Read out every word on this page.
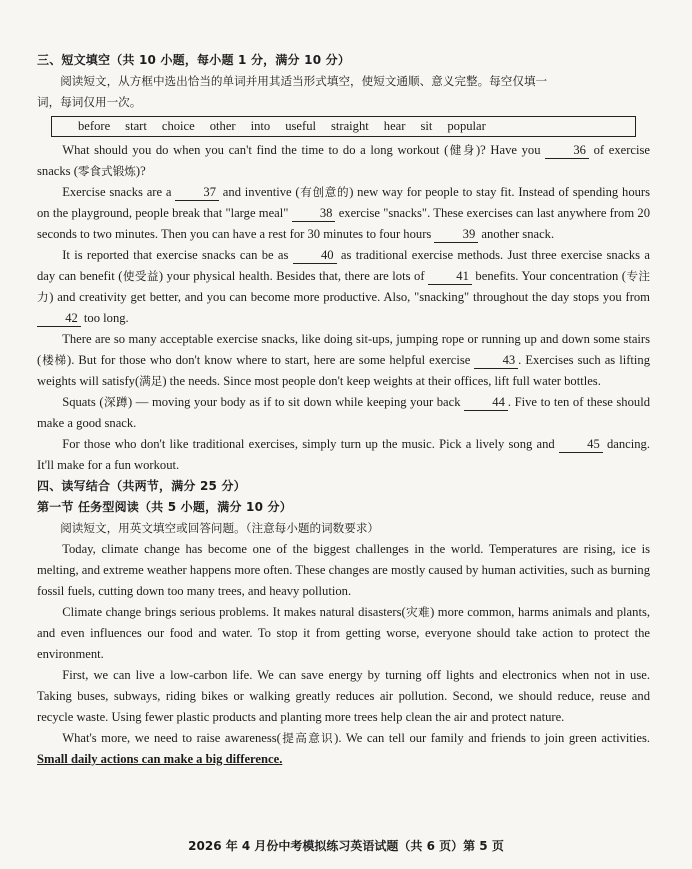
三、短文填空（共 10 小题，每小题 1 分，满分 10 分）

阅读短文，从方框中选出恰当的单词并用其适当形式填空，使短文通顺、意义完整。每空仅填一
词，每词仅用一次。

before start choice other into useful straight hear sit popular

What should you do when you can't find the time to do a long workout (健身)? Have you 36 of exercise snacks (零食式锻炼)?

Exercise snacks are a 37 and inventive (有创意的) new way for people to stay fit. Instead of spending hours on the playground, people break that "large meal" 38 exercise "snacks". These exercises can last anywhere from 20 seconds to two minutes. Then you can have a rest for 30 minutes to four hours 39 another snack.

It is reported that exercise snacks can be as 40 as traditional exercise methods. Just three exercise snacks a day can benefit (使受益) your physical health. Besides that, there are lots of 41 benefits. Your concentration (专注力) and creativity get better, and you can become more productive. Also, "snacking" throughout the day stops you from 42 too long.

There are so many acceptable exercise snacks, like doing sit-ups, jumping rope or running up and down some stairs (楼梯). But for those who don't know where to start, here are some helpful exercise 43 . Exercises such as lifting weights will satisfy(满足) the needs. Since most people don't keep weights at their offices, lift full water bottles.

Squats (深蹲) — moving your body as if to sit down while keeping your back 44 . Five to ten of these should make a good snack.

For those who don't like traditional exercises, simply turn up the music. Pick a lively song and 45 dancing. It'll make for a fun workout.

四、读写结合（共两节，满分 25 分）
第一节 任务型阅读（共 5 小题，满分 10 分）

阅读短文，用英文填空或回答问题。（注意每小题的词数要求）

Today, climate change has become one of the biggest challenges in the world. Temperatures are rising, ice is melting, and extreme weather happens more often. These changes are mostly caused by human activities, such as burning fossil fuels, cutting down too many trees, and heavy pollution.

Climate change brings serious problems. It makes natural disasters(灾难) more common, harms animals and plants, and even influences our food and water. To stop it from getting worse, everyone should take action to protect the environment.

First, we can live a low-carbon life. We can save energy by turning off lights and electronics when not in use. Taking buses, subways, riding bikes or walking greatly reduces air pollution. Second, we should reduce, reuse and recycle waste. Using fewer plastic products and planting more trees help clean the air and protect nature.

What's more, we need to raise awareness(提高意识). We can tell our family and friends to join green activities. Small daily actions can make a big difference.

2026 年 4 月份中考模拟练习英语试题（共 6 页）第 5 页
